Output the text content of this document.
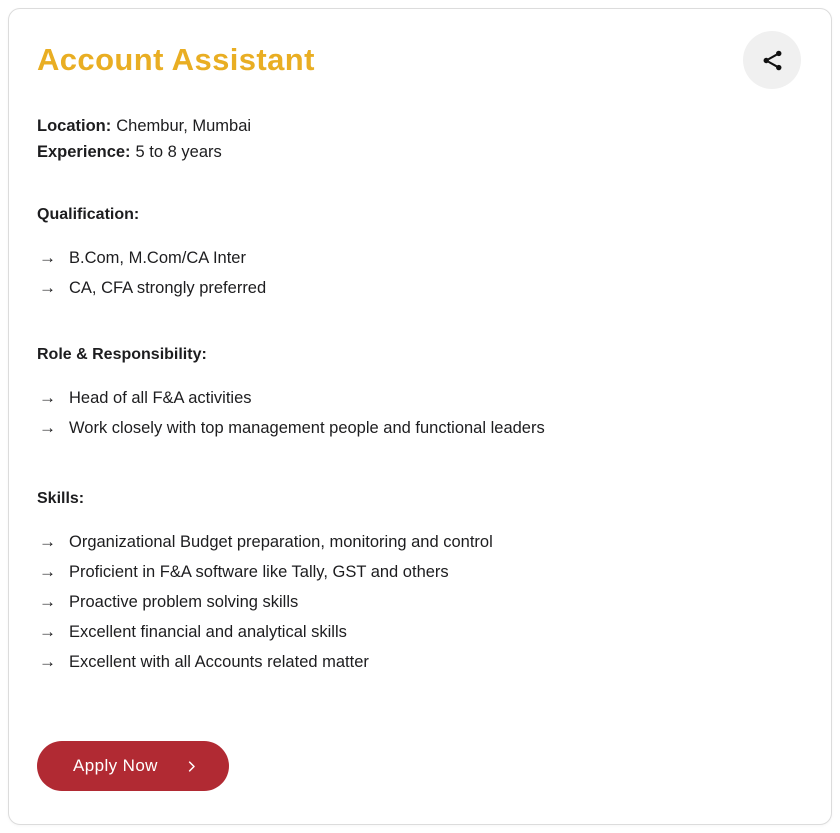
Account Assistant

Location: Chembur, Mumbai

Experience: 5 to 8 years

Qualification:
→ B.Com, M.Com/CA Inter
→ CA, CFA strongly preferred
Role & Responsibility:
→ Head of all F&A activities
→ Work closely with top management people and functional leaders
Skills:
→ Organizational Budget preparation, monitoring and control
→ Proficient in F&A software like Tally, GST and others
→ Proactive problem solving skills
→ Excellent financial and analytical skills
→ Excellent with all Accounts related matter
Apply Now
